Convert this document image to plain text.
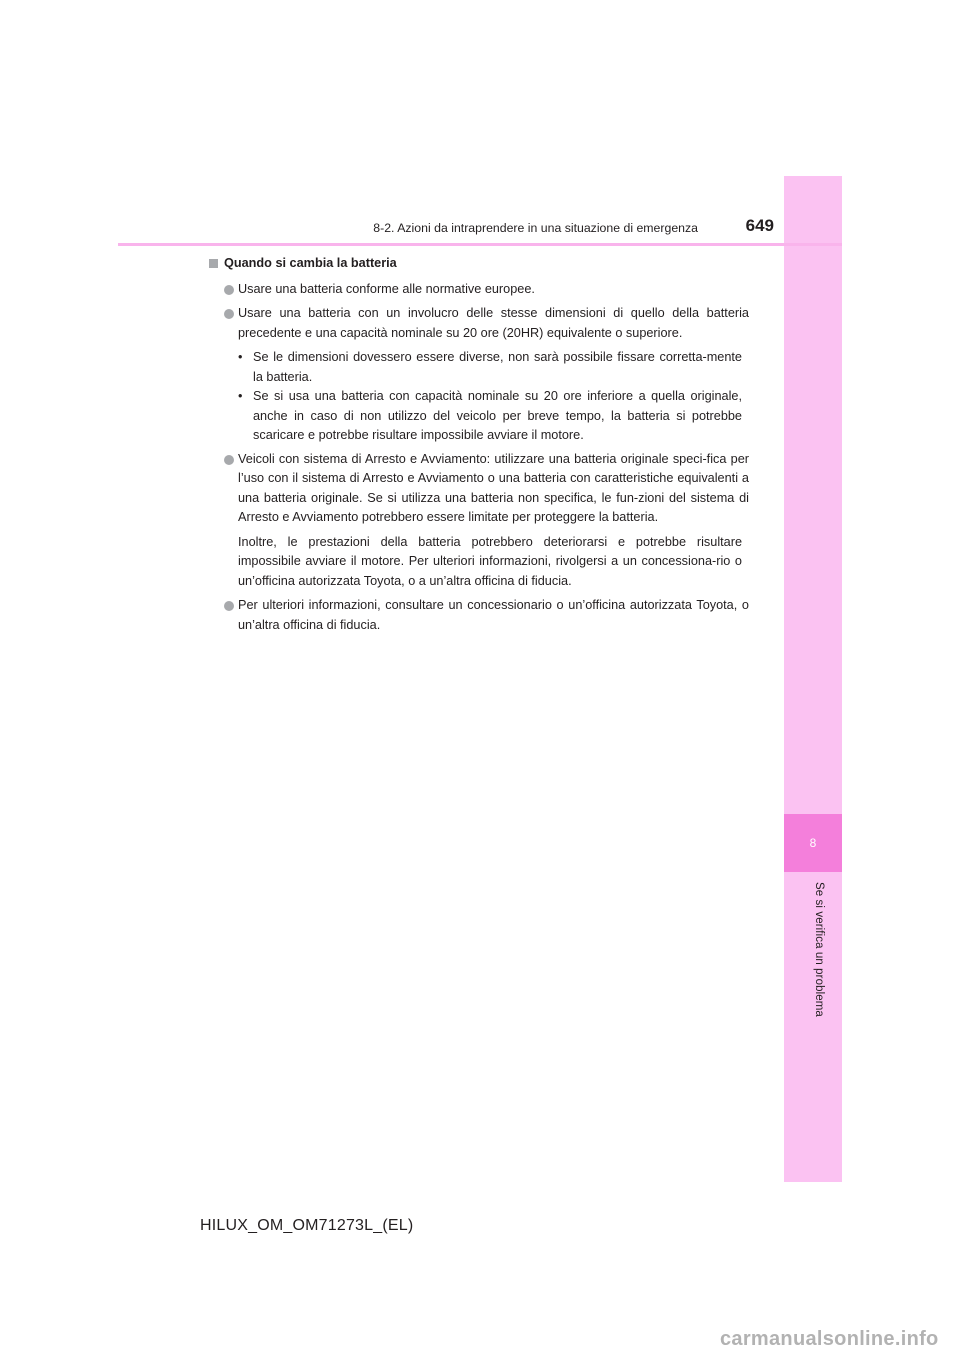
8
Se si verifica un problema
8-2. Azioni da intraprendere in una situazione di emergenza	649
Quando si cambia la batteria
Usare una batteria conforme alle normative europee.
Usare una batteria con un involucro delle stesse dimensioni di quello della batteria precedente e una capacità nominale su 20 ore (20HR) equivalente o superiore.
• Se le dimensioni dovessero essere diverse, non sarà possibile fissare corretta-mente la batteria.
• Se si usa una batteria con capacità nominale su 20 ore inferiore a quella originale, anche in caso di non utilizzo del veicolo per breve tempo, la batteria si potrebbe scaricare e potrebbe risultare impossibile avviare il motore.
Veicoli con sistema di Arresto e Avviamento: utilizzare una batteria originale speci-fica per l’uso con il sistema di Arresto e Avviamento o una batteria con caratteristiche equivalenti a una batteria originale. Se si utilizza una batteria non specifica, le fun-zioni del sistema di Arresto e Avviamento potrebbero essere limitate per proteggere la batteria.
Inoltre, le prestazioni della batteria potrebbero deteriorarsi e potrebbe risultare impossibile avviare il motore. Per ulteriori informazioni, rivolgersi a un concessiona-rio o un’officina autorizzata Toyota, o a un’altra officina di fiducia.
Per ulteriori informazioni, consultare un concessionario o un’officina autorizzata Toyota, o un’altra officina di fiducia.
HILUX_OM_OM71273L_(EL)
carmanualsonline.info
